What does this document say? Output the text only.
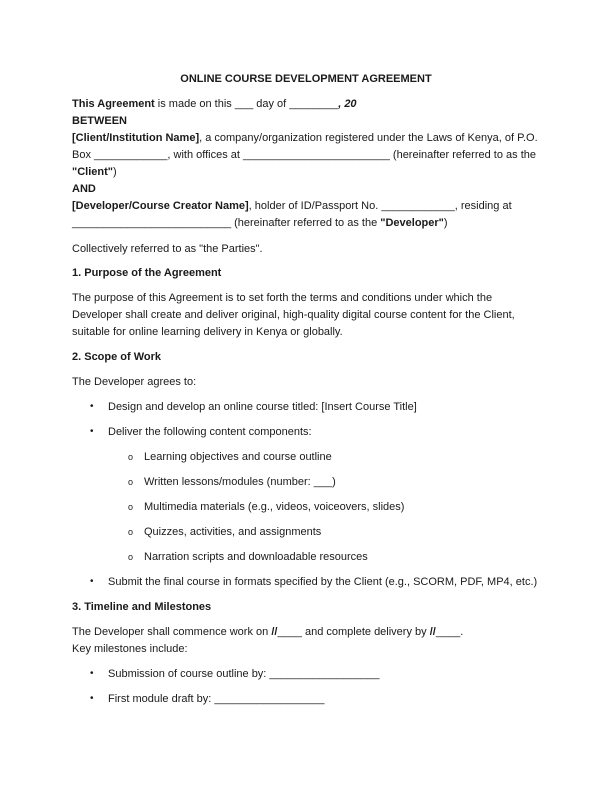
ONLINE COURSE DEVELOPMENT AGREEMENT
This Agreement is made on this ___ day of ________, 20
BETWEEN
[Client/Institution Name], a company/organization registered under the Laws of Kenya, of P.O.
Box ____________, with offices at ________________________ (hereinafter referred to as the
"Client")
AND
[Developer/Course Creator Name], holder of ID/Passport No. ____________, residing at
__________________________ (hereinafter referred to as the "Developer")
Collectively referred to as "the Parties".
1. Purpose of the Agreement
The purpose of this Agreement is to set forth the terms and conditions under which the
Developer shall create and deliver original, high-quality digital course content for the Client,
suitable for online learning delivery in Kenya or globally.
2. Scope of Work
The Developer agrees to:
• Design and develop an online course titled: [Insert Course Title]
• Deliver the following content components:
o Learning objectives and course outline
o Written lessons/modules (number: ___)
o Multimedia materials (e.g., videos, voiceovers, slides)
o Quizzes, activities, and assignments
o Narration scripts and downloadable resources
• Submit the final course in formats specified by the Client (e.g., SCORM, PDF, MP4, etc.)
3. Timeline and Milestones
The Developer shall commence work on //____ and complete delivery by //____.
Key milestones include:
• Submission of course outline by: __________________
• First module draft by: __________________
